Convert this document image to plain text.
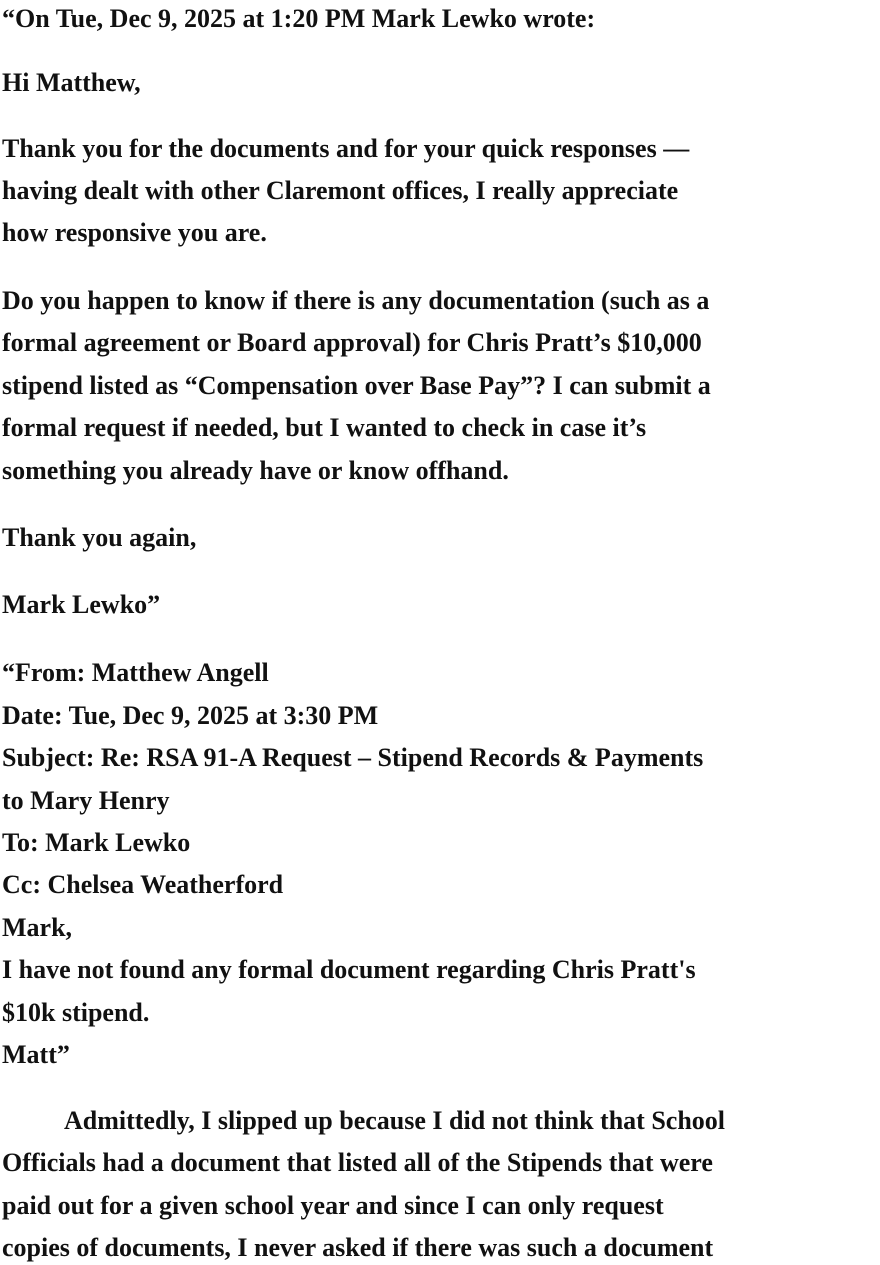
“On Tue, Dec 9, 2025 at 1:20 PM Mark Lewko wrote:
Hi Matthew,
Thank you for the documents and for your quick responses —
having dealt with other Claremont offices, I really appreciate
how responsive you are.
Do you happen to know if there is any documentation (such as a
formal agreement or Board approval) for Chris Pratt’s $10,000
stipend listed as “Compensation over Base Pay”? I can submit a
formal request if needed, but I wanted to check in case it’s
something you already have or know offhand.
Thank you again,
Mark Lewko”
“From: Matthew Angell
Date: Tue, Dec 9, 2025 at 3:30 PM
Subject: Re: RSA 91-A Request – Stipend Records & Payments
to Mary Henry
To: Mark Lewko
Cc: Chelsea Weatherford
Mark,
I have not found any formal document regarding Chris Pratt's
$10k stipend.
Matt”
Admittedly, I slipped up because I did not think that School
Officials had a document that listed all of the Stipends that were
paid out for a given school year and since I can only request
copies of documents, I never asked if there was such a document
